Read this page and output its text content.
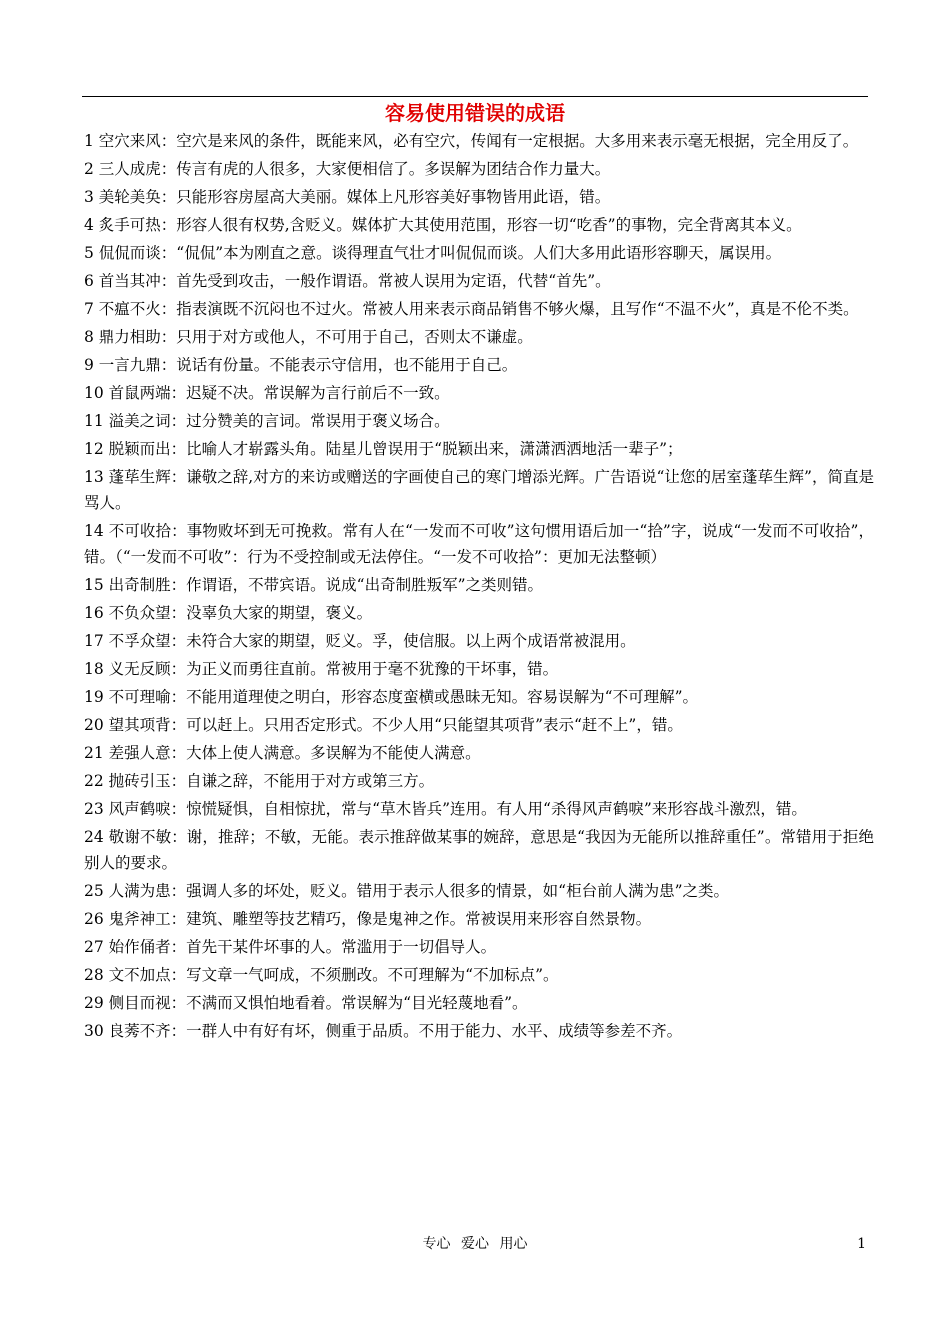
容易使用错误的成语

1 空穴来风：空穴是来风的条件，既能来风，必有空穴，传闻有一定根据。大多用来表示毫无根据，完全用反了。

2 三人成虎：传言有虎的人很多，大家便相信了。多误解为团结合作力量大。

3 美轮美奂：只能形容房屋高大美丽。媒体上凡形容美好事物皆用此语，错。

4 炙手可热：形容人很有权势,含贬义。媒体扩大其使用范围，形容一切“吃香”的事物，完全背离其本义。

5 侃侃而谈：“侃侃”本为刚直之意。谈得理直气壮才叫侃侃而谈。人们大多用此语形容聊天，属误用。

6 首当其冲：首先受到攻击，一般作谓语。常被人误用为定语，代替“首先”。

7 不瘟不火：指表演既不沉闷也不过火。常被人用来表示商品销售不够火爆，且写作“不温不火”，真是不伦不类。

8 鼎力相助：只用于对方或他人，不可用于自己，否则太不谦虚。

9 一言九鼎：说话有份量。不能表示守信用，也不能用于自己。

10 首鼠两端：迟疑不决。常误解为言行前后不一致。

11 溢美之词：过分赞美的言词。常误用于褒义场合。

12 脱颖而出：比喻人才崭露头角。陆星儿曾误用于“脱颖出来，潇潇洒洒地活一辈子”；

13 蓬荜生辉：谦敬之辞,对方的来访或赠送的字画使自己的寒门增添光辉。广告语说“让您的居室蓬荜生辉”，简直是骂人。

14 不可收拾：事物败坏到无可挽救。常有人在“一发而不可收”这句惯用语后加一“拾”字，说成“一发而不可收拾”，错。（“一发而不可收”：行为不受控制或无法停住。“一发不可收拾”：更加无法整顿）

15 出奇制胜：作谓语，不带宾语。说成“出奇制胜叛军”之类则错。

16 不负众望：没辜负大家的期望，褒义。

17 不孚众望：未符合大家的期望，贬义。孚，使信服。以上两个成语常被混用。

18 义无反顾：为正义而勇往直前。常被用于毫不犹豫的干坏事，错。

19 不可理喻：不能用道理使之明白，形容态度蛮横或愚昧无知。容易误解为“不可理解”。

20 望其项背：可以赶上。只用否定形式。不少人用“只能望其项背”表示“赶不上”，错。

21 差强人意：大体上使人满意。多误解为不能使人满意。

22 抛砖引玉：自谦之辞，不能用于对方或第三方。

23 风声鹤唳：惊慌疑惧，自相惊扰，常与“草木皆兵”连用。有人用“杀得风声鹤唳”来形容战斗激烈，错。

24 敬谢不敏：谢，推辞；不敏，无能。表示推辞做某事的婉辞，意思是“我因为无能所以推辞重任”。常错用于拒绝别人的要求。

25 人满为患：强调人多的坏处，贬义。错用于表示人很多的情景，如“柜台前人满为患”之类。

26 鬼斧神工：建筑、雕塑等技艺精巧，像是鬼神之作。常被误用来形容自然景物。

27 始作俑者：首先干某件坏事的人。常滥用于一切倡导人。

28 文不加点：写文章一气呵成，不须删改。不可理解为“不加标点”。

29 侧目而视：不满而又惧怕地看着。常误解为“目光轻蔑地看”。

30 良莠不齐：一群人中有好有坏，侧重于品质。不用于能力、水平、成绩等参差不齐。

专心 爱心 用心	1
